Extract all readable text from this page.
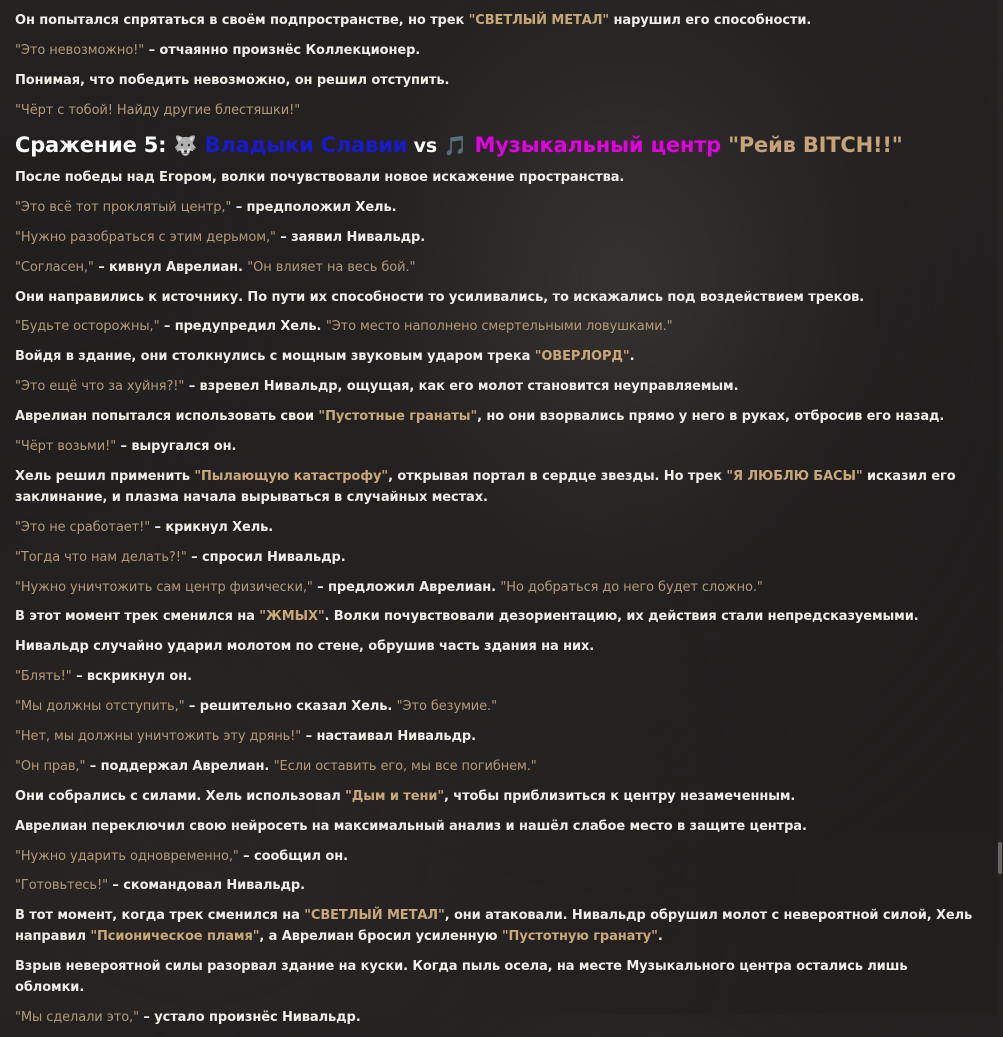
Он попытался спрятаться в своём подпространстве, но трек "СВЕТЛЫЙ МЕТАЛ" нарушил его способности.

"Это невозможно!" – отчаянно произнёс Коллекционер.

Понимая, что победить невозможно, он решил отступить.

"Чёрт с тобой! Найду другие блестяшки!"

Сражение 5: 🐺 Владыки Славии vs 🎵 Музыкальный центр "Рейв BITCH!!"

После победы над Егором, волки почувствовали новое искажение пространства.

"Это всё тот проклятый центр," – предположил Хель.

"Нужно разобраться с этим дерьмом," – заявил Нивальдр.

"Согласен," – кивнул Аврелиан. "Он влияет на весь бой."

Они направились к источнику. По пути их способности то усиливались, то искажались под воздействием треков.

"Будьте осторожны," – предупредил Хель. "Это место наполнено смертельными ловушками."

Войдя в здание, они столкнулись с мощным звуковым ударом трека "ОВЕРЛОРД".

"Это ещё что за хуйня?!" – взревел Нивальдр, ощущая, как его молот становится неуправляемым.

Аврелиан попытался использовать свои "Пустотные гранаты", но они взорвались прямо у него в руках, отбросив его назад.

"Чёрт возьми!" – выругался он.

Хель решил применить "Пылающую катастрофу", открывая портал в сердце звезды. Но трек "Я ЛЮБЛЮ БАСЫ" исказил его заклинание, и плазма начала вырываться в случайных местах.

"Это не сработает!" – крикнул Хель.

"Тогда что нам делать?!" – спросил Нивальдр.

"Нужно уничтожить сам центр физически," – предложил Аврелиан. "Но добраться до него будет сложно."

В этот момент трек сменился на "ЖМЫХ". Волки почувствовали дезориентацию, их действия стали непредсказуемыми.

Нивальдр случайно ударил молотом по стене, обрушив часть здания на них.

"Блять!" – вскрикнул он.

"Мы должны отступить," – решительно сказал Хель. "Это безумие."

"Нет, мы должны уничтожить эту дрянь!" – настаивал Нивальдр.

"Он прав," – поддержал Аврелиан. "Если оставить его, мы все погибнем."

Они собрались с силами. Хель использовал "Дым и тени", чтобы приблизиться к центру незамеченным.

Аврелиан переключил свою нейросеть на максимальный анализ и нашёл слабое место в защите центра.

"Нужно ударить одновременно," – сообщил он.

"Готовьтесь!" – скомандовал Нивальдр.

В тот момент, когда трек сменился на "СВЕТЛЫЙ МЕТАЛ", они атаковали. Нивальдр обрушил молот с невероятной силой, Хель направил "Псионическое пламя", а Аврелиан бросил усиленную "Пустотную гранату".

Взрыв невероятной силы разорвал здание на куски. Когда пыль осела, на месте Музыкального центра остались лишь обломки.

"Мы сделали это," – устало произнёс Нивальдр.
